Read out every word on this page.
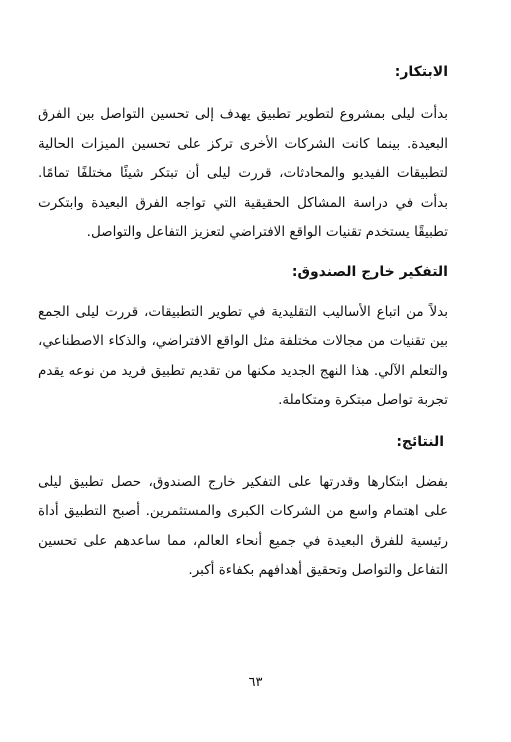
الابتكار:

بدأت ليلى بمشروع لتطوير تطبيق يهدف إلى تحسين التواصل بين الفرق البعيدة. بينما كانت الشركات الأخرى تركز على تحسين الميزات الحالية لتطبيقات الفيديو والمحادثات، قررت ليلى أن تبتكر شيئًا مختلفًا تمامًا. بدأت في دراسة المشاكل الحقيقية التي تواجه الفرق البعيدة وابتكرت تطبيقًا يستخدم تقنيات الواقع الافتراضي لتعزيز التفاعل والتواصل.

التفكير خارج الصندوق:

بدلاً من اتباع الأساليب التقليدية في تطوير التطبيقات، قررت ليلى الجمع بين تقنيات من مجالات مختلفة مثل الواقع الافتراضي، والذكاء الاصطناعي، والتعلم الآلي. هذا النهج الجديد مكنها من تقديم تطبيق فريد من نوعه يقدم تجربة تواصل مبتكرة ومتكاملة.

النتائج:

بفضل ابتكارها وقدرتها على التفكير خارج الصندوق، حصل تطبيق ليلى على اهتمام واسع من الشركات الكبرى والمستثمرين. أصبح التطبيق أداة رئيسية للفرق البعيدة في جميع أنحاء العالم، مما ساعدهم على تحسين التفاعل والتواصل وتحقيق أهدافهم بكفاءة أكبر.

٦٣
